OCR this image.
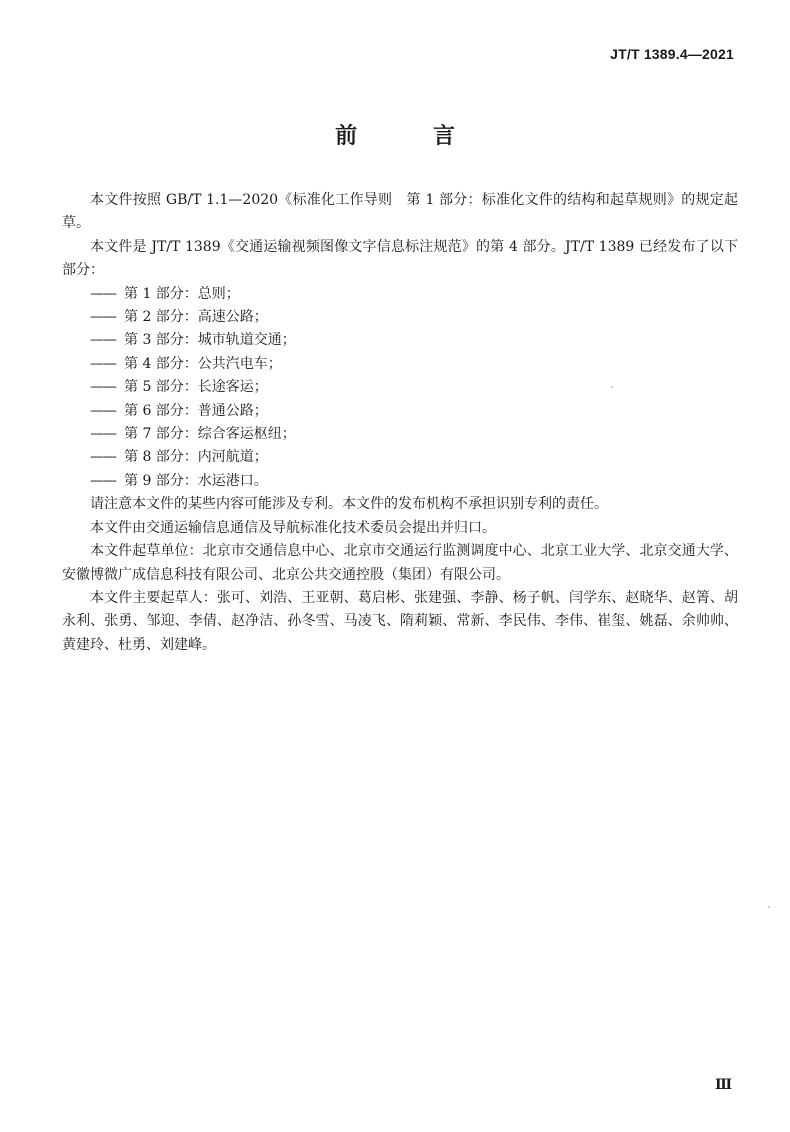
JT/T 1389.4—2021
前 言

本文件按照 GB/T 1.1—2020《标准化工作导则　第 1 部分：标准化文件的结构和起草规则》的规定起草。

本文件是 JT/T 1389《交通运输视频图像文字信息标注规范》的第 4 部分。JT/T 1389 已经发布了以下部分：

—— 第 1 部分：总则；

—— 第 2 部分：高速公路；

—— 第 3 部分：城市轨道交通；

—— 第 4 部分：公共汽电车；

—— 第 5 部分：长途客运；

—— 第 6 部分：普通公路；

—— 第 7 部分：综合客运枢纽；

—— 第 8 部分：内河航道；

—— 第 9 部分：水运港口。

请注意本文件的某些内容可能涉及专利。本文件的发布机构不承担识别专利的责任。

本文件由交通运输信息通信及导航标准化技术委员会提出并归口。

本文件起草单位：北京市交通信息中心、北京市交通运行监测调度中心、北京工业大学、北京交通大学、安徽博微广成信息科技有限公司、北京公共交通控股（集团）有限公司。

本文件主要起草人：张可、刘浩、王亚朝、葛启彬、张建强、李静、杨子帆、闫学东、赵晓华、赵箐、胡永利、张勇、邹迎、李倩、赵净洁、孙冬雪、马凌飞、隋莉颖、常新、李民伟、李伟、崔玺、姚磊、余帅帅、黄建玲、杜勇、刘建峰。

Ⅲ
